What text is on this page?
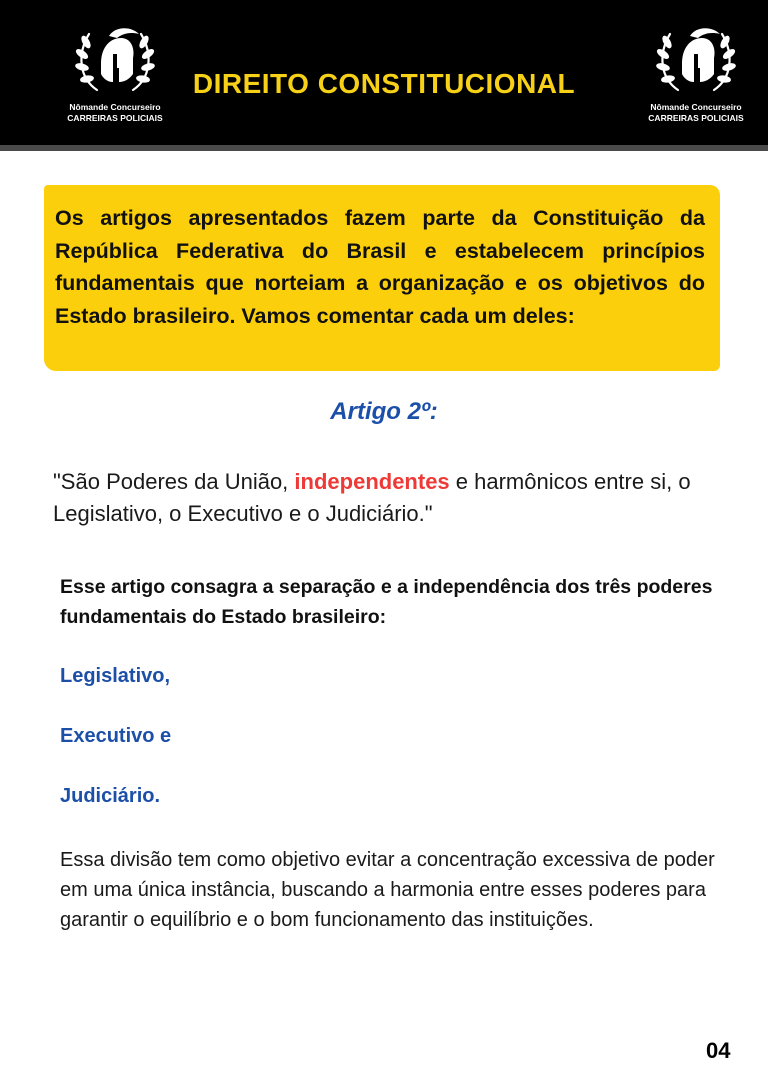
Nômande Concurseiro
CARREIRAS POLICIAIS
Nômande Concurseiro
CARREIRAS POLICIAIS
DIREITO CONSTITUCIONAL
Os artigos apresentados fazem parte da Constituição da República Federativa do Brasil e estabelecem princípios fundamentais que norteiam a organização e os objetivos do Estado brasileiro. Vamos comentar cada um deles:
Artigo 2º:
"São Poderes da União, independentes e harmônicos entre si, o Legislativo, o Executivo e o Judiciário."
Esse artigo consagra a separação e a independência dos três poderes fundamentais do Estado brasileiro:
Legislativo,
Executivo e
Judiciário.
Essa divisão tem como objetivo evitar a concentração excessiva de poder em uma única instância, buscando a harmonia entre esses poderes para garantir o equilíbrio e o bom funcionamento das instituições.
04
